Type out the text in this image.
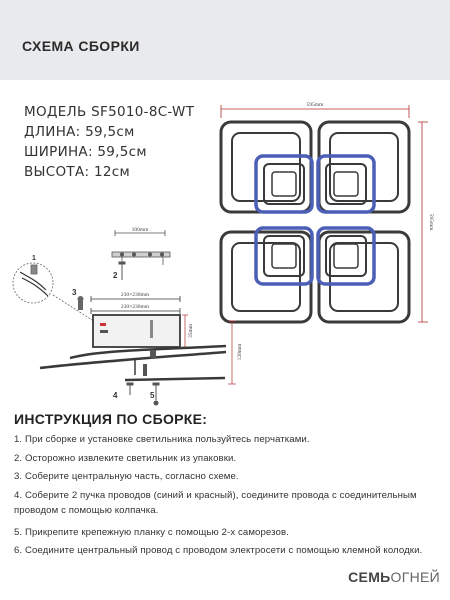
СХЕМА СБОРКИ
МОДЕЛЬ SF5010-8C-WT
ДЛИНА: 59,5см
ШИРИНА: 59,5см
ВЫСОТА: 12см
595mm
595mm
100mm
2
1
3	230×230mm
230×230mm
35mm
120mm
4	5
ИНСТРУКЦИЯ ПО СБОРКЕ:
1. При сборке и установке светильника пользуйтесь перчатками.
2. Осторожно извлеките светильник из упаковки.
3. Соберите центральную часть, согласно схеме.
4. Соберите 2 пучка проводов (синий и красный), соедините провода с соединительным проводом с помощью колпачка.
5. Прикрепите крепежную планку с помощью 2-х саморезов.
6. Соедините центральный провод с проводом электросети с помощью клемной колодки.
СЕМЬОГНЕЙ
